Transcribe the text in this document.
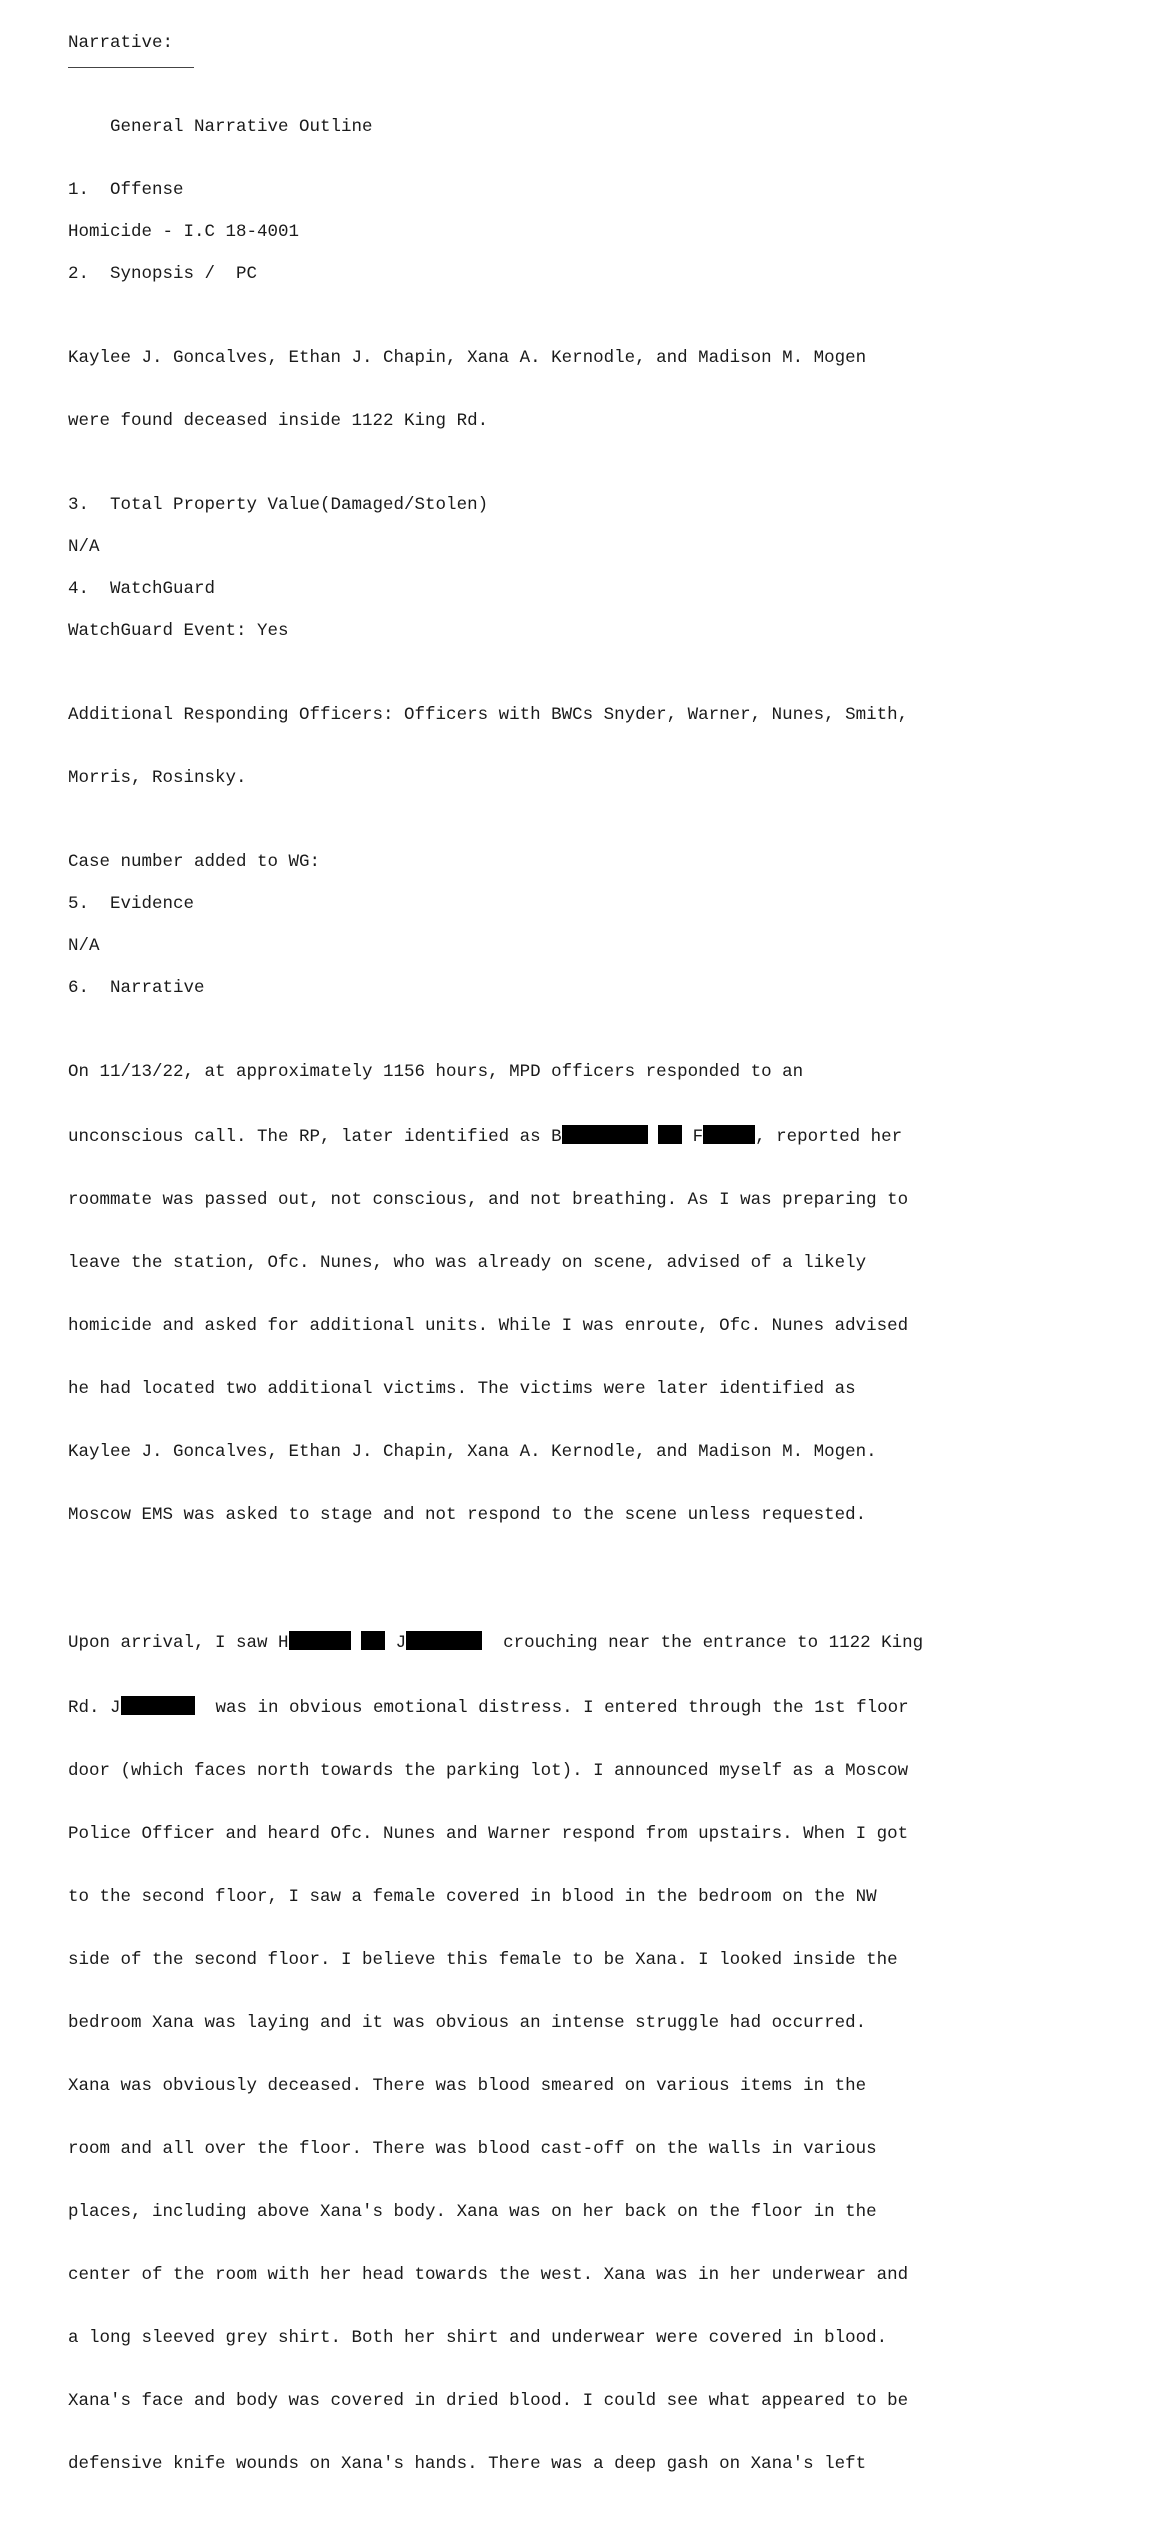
Narrative:

General Narrative Outline

1.  Offense
Homicide - I.C 18-4001
2.  Synopsis /  PC

Kaylee J. Goncalves, Ethan J. Chapin, Xana A. Kernodle, and Madison M. Mogen

were found deceased inside 1122 King Rd.

3.  Total Property Value(Damaged/Stolen)
N/A
4.  WatchGuard
WatchGuard Event: Yes

Additional Responding Officers: Officers with BWCs Snyder, Warner, Nunes, Smith,

Morris, Rosinsky.

Case number added to WG:
5.  Evidence
N/A
6.  Narrative

On 11/13/22, at approximately 1156 hours, MPD officers responded to an

unconscious call. The RP, later identified as B	F	, reported her

roommate was passed out, not conscious, and not breathing. As I was preparing to

leave the station, Ofc. Nunes, who was already on scene, advised of a likely

homicide and asked for additional units. While I was enroute, Ofc. Nunes advised

he had located two additional victims. The victims were later identified as

Kaylee J. Goncalves, Ethan J. Chapin, Xana A. Kernodle, and Madison M. Mogen.

Moscow EMS was asked to stage and not respond to the scene unless requested.

Upon arrival, I saw H	J	crouching near the entrance to 1122 King

Rd. J	was in obvious emotional distress. I entered through the 1st floor

door (which faces north towards the parking lot). I announced myself as a Moscow

Police Officer and heard Ofc. Nunes and Warner respond from upstairs. When I got

to the second floor, I saw a female covered in blood in the bedroom on the NW

side of the second floor. I believe this female to be Xana. I looked inside the

bedroom Xana was laying and it was obvious an intense struggle had occurred.

Xana was obviously deceased. There was blood smeared on various items in the

room and all over the floor. There was blood cast-off on the walls in various

places, including above Xana's body. Xana was on her back on the floor in the

center of the room with her head towards the west. Xana was in her underwear and

a long sleeved grey shirt. Both her shirt and underwear were covered in blood.

Xana's face and body was covered in dried blood. I could see what appeared to be

defensive knife wounds on Xana's hands. There was a deep gash on Xana's left
